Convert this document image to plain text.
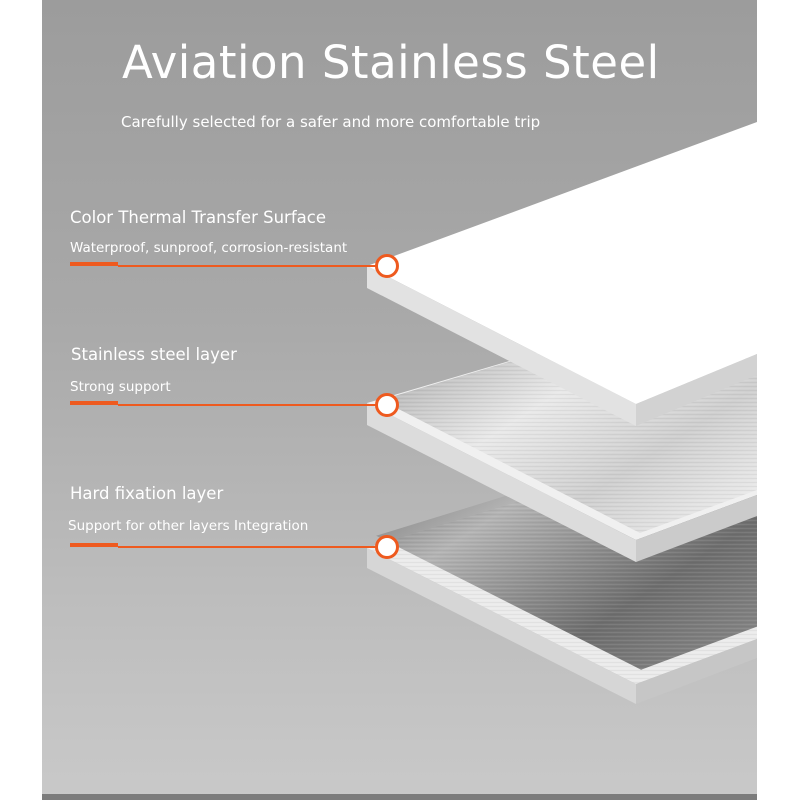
Aviation Stainless Steel
Carefully selected for a safer and more comfortable trip
Color Thermal Transfer Surface
Waterproof, sunproof, corrosion-resistant
Stainless steel layer
Strong support
Hard fixation layer
Support for other layers Integration
